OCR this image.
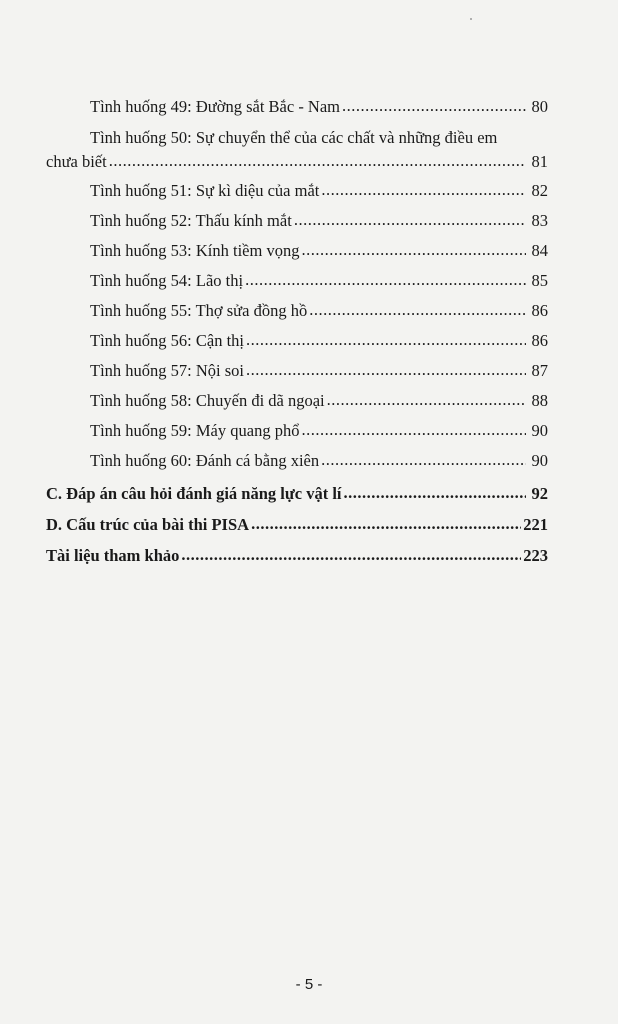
Tình huống 49: Đường sắt Bắc - Nam .....	80
Tình huống 50: Sự chuyển thể của các chất và những điều em
chưa biết .....	81
Tình huống 51: Sự kì diệu của mắt .....	82
Tình huống 52: Thấu kính mắt .....	83
Tình huống 53: Kính tiềm vọng .....	84
Tình huống 54: Lão thị .....	85
Tình huống 55: Thợ sửa đồng hồ .....	86
Tình huống 56: Cận thị .....	86
Tình huống 57: Nội soi .....	87
Tình huống 58: Chuyến đi dã ngoại .....	88
Tình huống 59: Máy quang phổ .....	90
Tình huống 60: Đánh cá bằng xiên .....	90
C. Đáp án câu hỏi đánh giá năng lực vật lí .....	92
D. Cấu trúc của bài thi PISA .....	221
Tài liệu tham khảo .....	223
- 5 -
